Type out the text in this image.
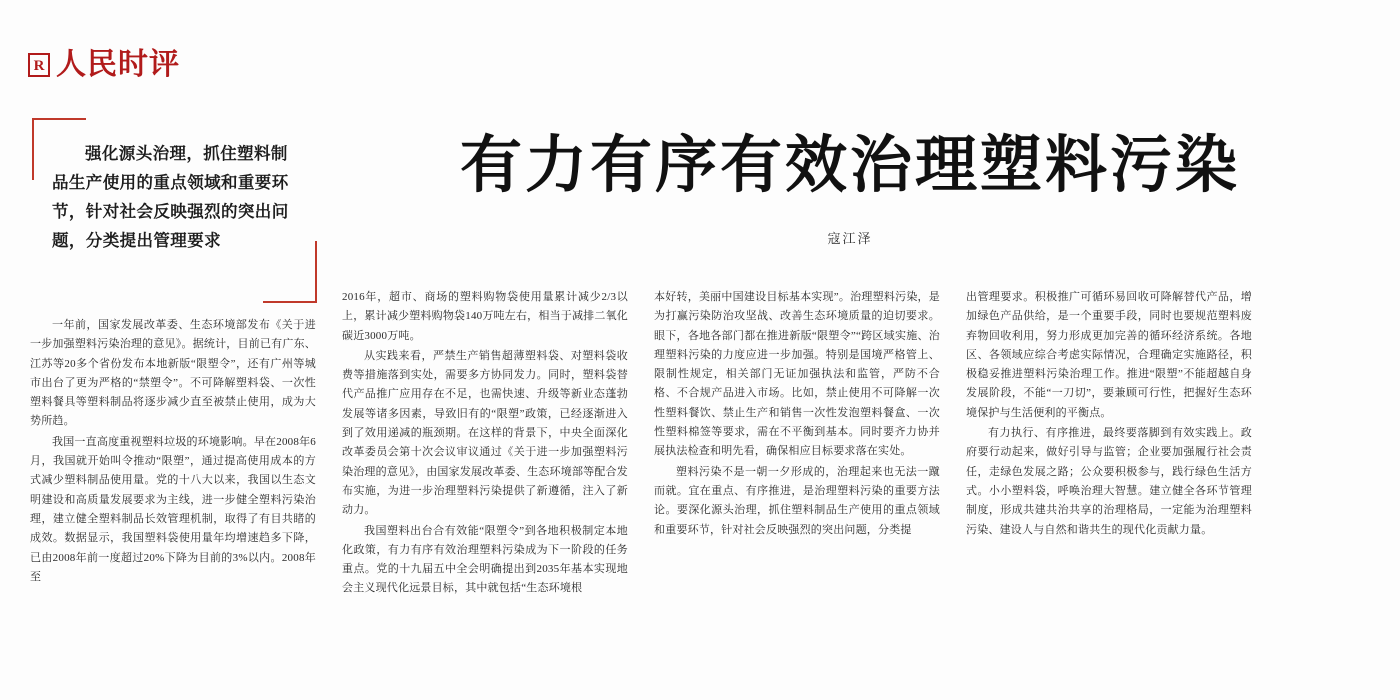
R 人民时评
强化源头治理，抓住塑料制品生产使用的重点领域和重要环节，针对社会反映强烈的突出问题，分类提出管理要求
有力有序有效治理塑料污染
寇江泽

一年前，国家发展改革委、生态环境部发布《关于进一步加强塑料污染治理的意见》。据统计，目前已有广东、江苏等20多个省份发布本地新版“限塑令”，还有广州等城市出台了更为严格的“禁塑令”。不可降解塑料袋、一次性塑料餐具等塑料制品将逐步减少直至被禁止使用，成为大势所趋。

我国一直高度重视塑料垃圾的环境影响。早在2008年6月，我国就开始叫令推动“限塑”，通过提高使用成本的方式减少塑料制品使用量。党的十八大以来，我国以生态文明建设和高质量发展要求为主线，进一步健全塑料污染治理，建立健全塑料制品长效管理机制，取得了有目共睹的成效。数据显示，我国塑料袋使用量年均增速趋多下降，已由2008年前一度超过20%下降为目前的3%以内。2008年至

2016年，超市、商场的塑料购物袋使用量累计减少2/3以上，累计减少塑料购物袋140万吨左右，相当于减排二氧化碳近3000万吨。

从实践来看，严禁生产销售超薄塑料袋、对塑料袋收费等措施落到实处，需要多方协同发力。同时，塑料袋替代产品推广应用存在不足，也需快速、升级等新业态蓬勃发展等诸多因素，导致旧有的“限塑”政策，已经逐渐进入到了效用递减的瓶颈期。在这样的背景下，中央全面深化改革委员会第十次会议审议通过《关于进一步加强塑料污染治理的意见》，由国家发展改革委、生态环境部等配合发布实施，为进一步治理塑料污染提供了新遵循，注入了新动力。

我国塑料出台合有效能“限塑令”到各地积极制定本地化政策，有力有序有效治理塑料污染成为下一阶段的任务重点。党的十九届五中全会明确提出到2035年基本实现地会主义现代化远景目标，其中就包括“生态环境根

本好转，美丽中国建设目标基本实现”。治理塑料污染，是为打赢污染防治攻坚战、改善生态环境质量的迫切要求。眼下，各地各部门都在推进新版“限塑令”“跨区域实施、治理塑料污染的力度应进一步加强。特别是国境严格管上、限制性规定，相关部门无证加强执法和监管，严防不合格、不合规产品进入市场。比如，禁止使用不可降解一次性塑料餐饮、禁止生产和销售一次性发泡塑料餐盒、一次性塑料棉签等要求，需在不平衡到基本。同时要齐力协并展执法检查和明先看，确保相应目标要求落在实处。

塑料污染不是一朝一夕形成的，治理起来也无法一蹴而就。宜在重点、有序推进，是治理塑料污染的重要方法论。要深化源头治理，抓住塑料制品生产使用的重点领域和重要环节，针对社会反映强烈的突出问题，分类提

出管理要求。积极推广可循环易回收可降解替代产品，增加绿色产品供给，是一个重要手段，同时也要规范塑料废弃物回收利用，努力形成更加完善的循环经济系统。各地区、各领域应综合考虑实际情况，合理确定实施路径，积极稳妥推进塑料污染治理工作。推进“限塑”不能超越自身发展阶段，不能“一刀切”，要兼顾可行性，把握好生态环境保护与生活便利的平衡点。

有力执行、有序推进，最终要落脚到有效实践上。政府要行动起来，做好引导与监管；企业要加强履行社会责任，走绿色发展之路；公众要积极参与，践行绿色生活方式。小小塑料袋，呼唤治理大智慧。建立健全各环节管理制度，形成共建共治共享的治理格局，一定能为治理塑料污染、建设人与自然和谐共生的现代化贡献力量。
